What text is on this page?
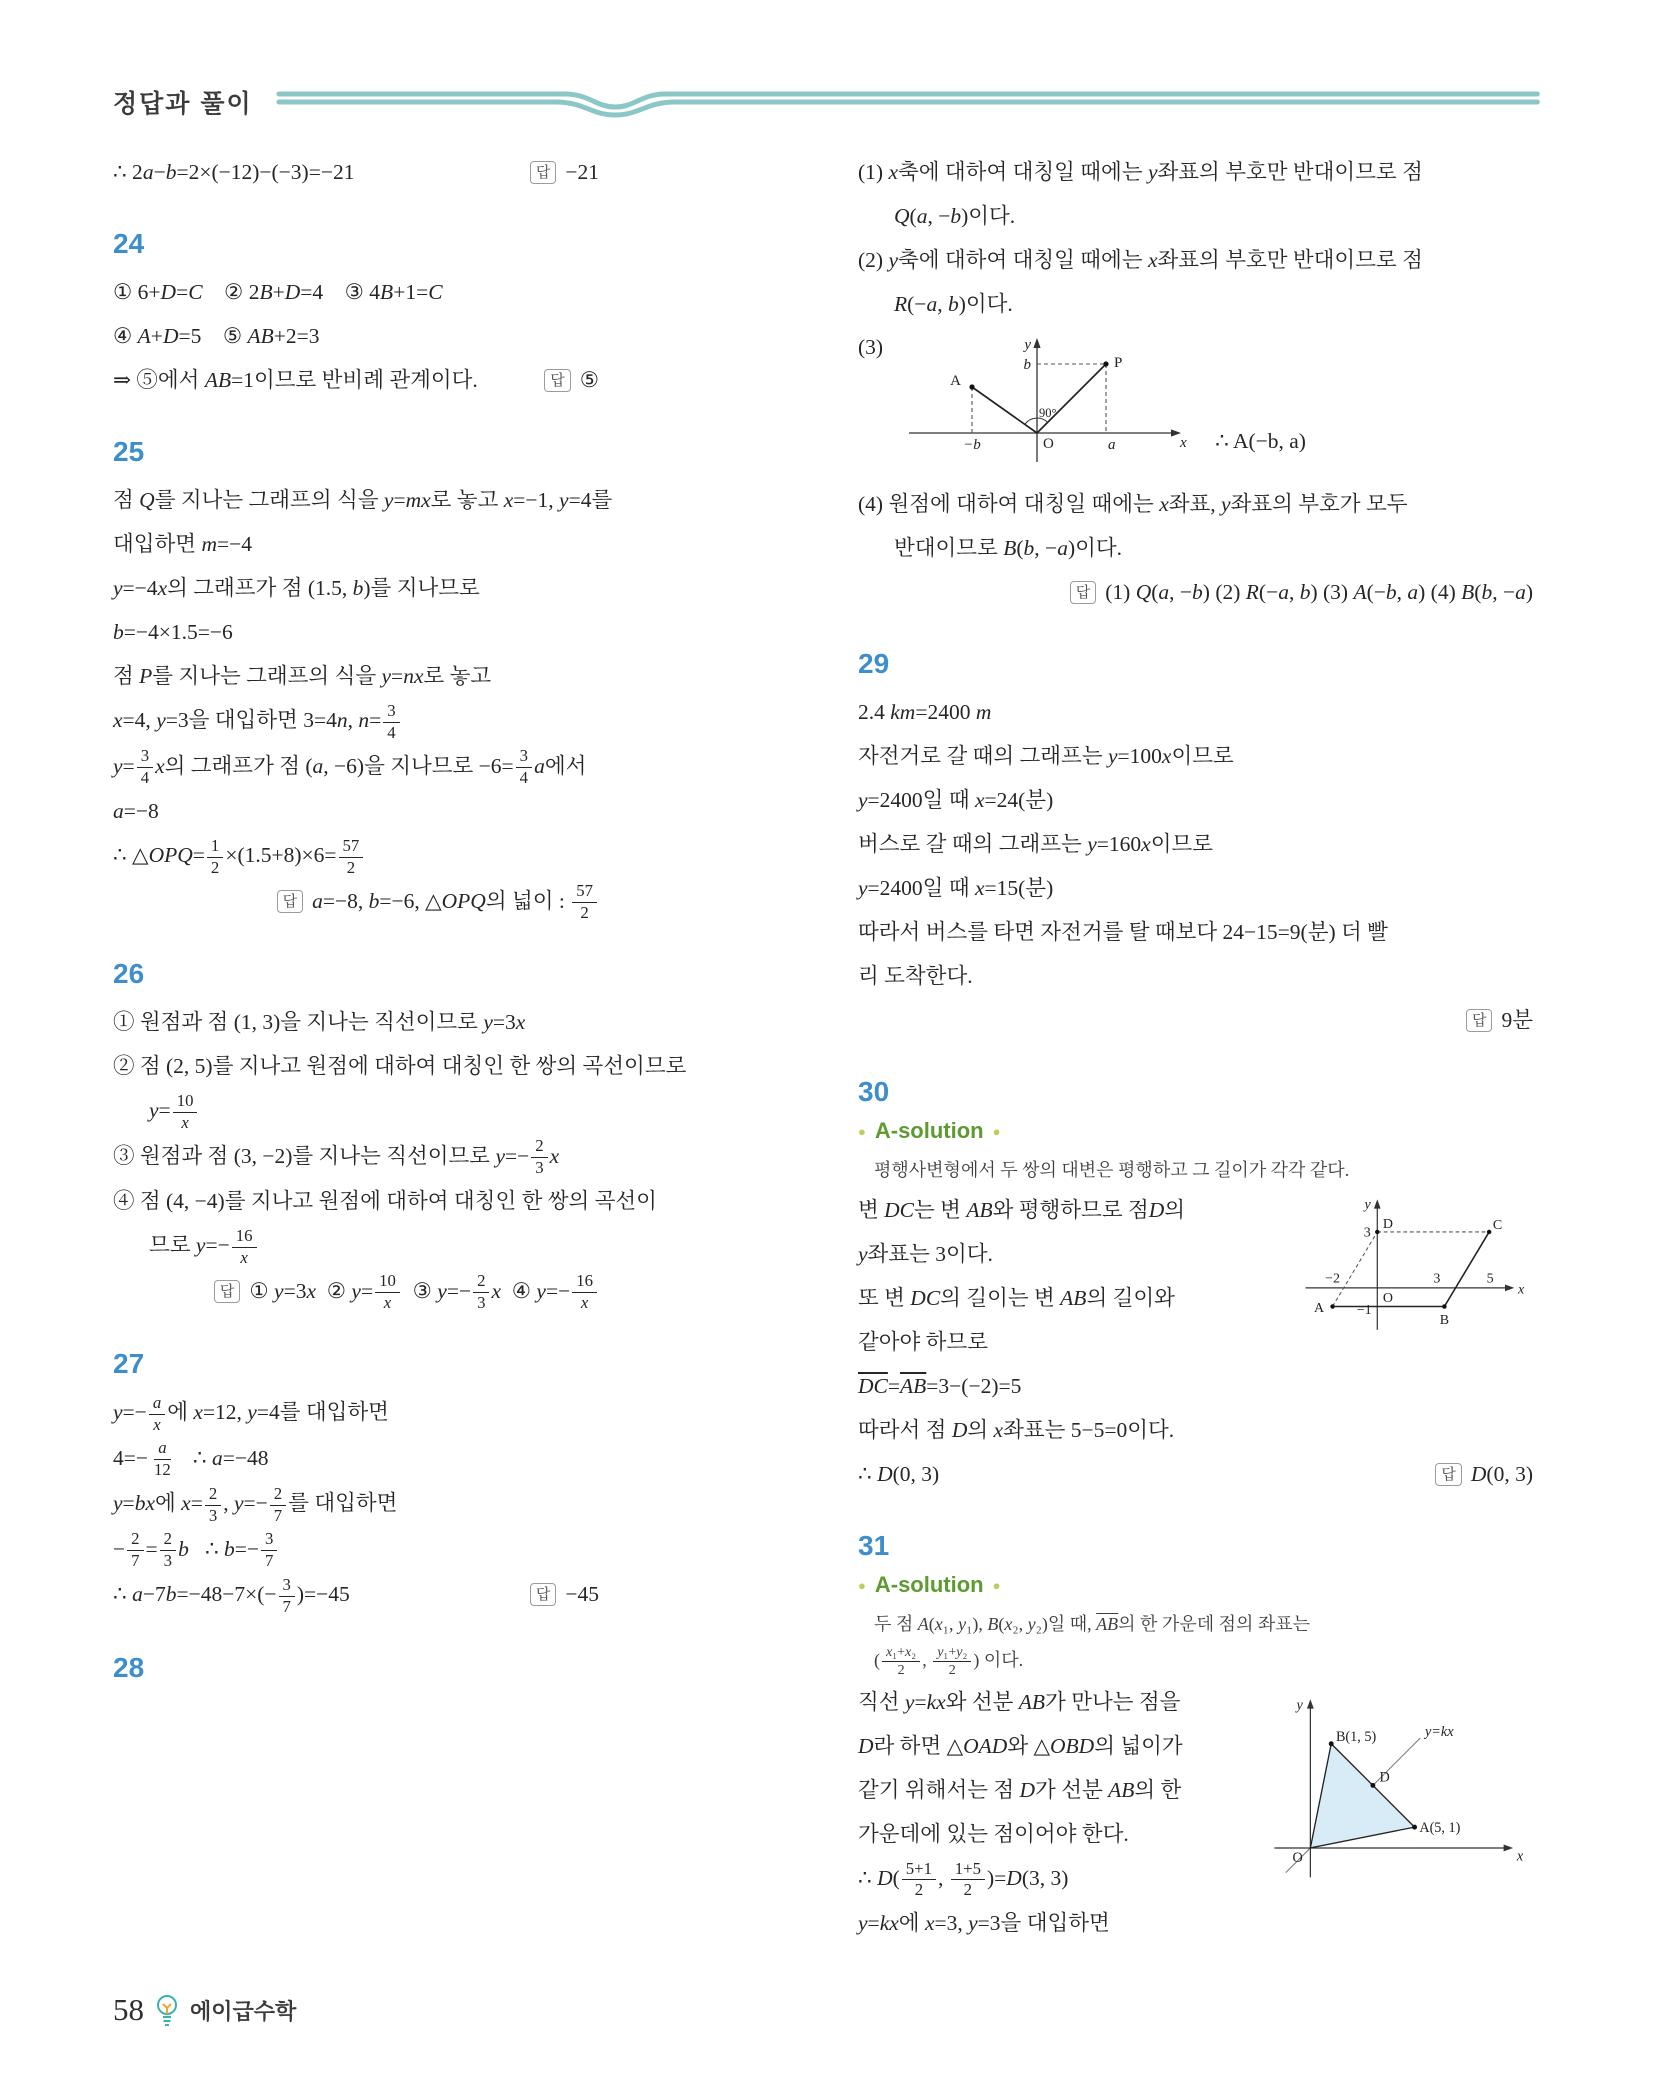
정답과 풀이
∴ 2a−b=2×(−12)−(−3)=−21	답 −21
24
① 6+D=C    ② 2B+D=4    ③ 4B+1=C
④ A+D=5    ⑤ AB+2=3
⇒ ⑤에서 AB=1이므로 반비례 관계이다.	답 ⑤
25
점 Q를 지나는 그래프의 식을 y=mx로 놓고 x=−1, y=4를
대입하면 m=−4
y=−4x의 그래프가 점 (1.5, b)를 지나므로
b=−4×1.5=−6
점 P를 지나는 그래프의 식을 y=nx로 놓고
x=4, y=3을 대입하면 3=4n, $n= \frac{3}{4}$
$y= \frac{3}{4}$ x의 그래프가 점 (a, −6)을 지나므로 $-6= \frac{3}{4}$ a에서
a=−8
∴ △OPQ= $\frac{1}{2} \times(1.5+8)\times 6= \frac{57}{2}$
답 a=−8, b=−6, △OPQ의 넓이 : $\frac{57}{2}$
26
① 원점과 점 (1, 3)을 지나는 직선이므로 y=3x
② 점 (2, 5)를 지나고 원점에 대하여 대칭인 한 쌍의 곡선이므로
$y= \frac{10}{x}$
③ 원점과 점 (3, −2)를 지나는 직선이므로 $y=- \frac{2}{3}$ x
④ 점 (4, −4)를 지나고 원점에 대하여 대칭인 한 쌍의 곡선이
므로 $y=- \frac{16}{x}$
답 ① y=3x  ② $y= \frac{10}{x}$ ③ $y=- \frac{2}{3}$ x  ④ $y=- \frac{16}{x}$
27
$y=- \frac{a}{x}$ 에 x=12, y=4를 대입하면
$4=- \frac{a}{12}$ ∴ a=−48
y=bx에 $x= \frac{2}{3}$ , $y=- \frac{2}{7}$ 를 대입하면
− $\frac{2}{7} = \frac{2}{3}$ b   ∴ $b=- \frac{3}{7}$
∴ $a-7b=-48-7\times(- \frac{3}{7} )=-45$	답 −45
28
(1) x축에 대하여 대칭일 때에는 y좌표의 부호만 반대이므로 점
Q(a, −b)이다.
(2) y축에 대하여 대칭일 때에는 x좌표의 부호만 반대이므로 점
R(−a, b)이다.
(3)	y
x
O
P
b
a
−b
A
90°
∴ A(−b, a)
(4) 원점에 대하여 대칭일 때에는 x좌표, y좌표의 부호가 모두
반대이므로 B(b, −a)이다.
답 (1) Q(a, −b) (2) R(−a, b) (3) A(−b, a) (4) B(b, −a)
29
2.4 km=2400 m
자전거로 갈 때의 그래프는 y=100x이므로
y=2400일 때 x=24(분)
버스로 갈 때의 그래프는 y=160x이므로
y=2400일 때 x=15(분)
따라서 버스를 타면 자전거를 탈 때보다 24−15=9(분) 더 빨
리 도착한다.
답 9분
30
● A-solution ●
평행사변형에서 두 쌍의 대변은 평행하고 그 길이가 각각 같다.
y
3
D	C
−2
A
O
−1
B
3	5
x
변 DC는 변 AB와 평행하므로 점D의
y좌표는 3이다.
또 변 DC의 길이는 변 AB의 길이와
같아야 하므로
$\overline{DC}=\overline{AB}=3-(-2)=5$
따라서 점 D의 x좌표는 5−5=0이다.
∴ D(0, 3)	답 D(0, 3)
31
● A-solution ●
두 점 A(x₁, y₁), B(x₂, y₂)일 때, $\overline{AB}$의 한 가운데 점의 좌표는
( $\frac{\text{x₁+x₂}}{2}$ , $\frac{\text{y₁+y₂}}{2}$ ) 이다.
y
x
y=kx
B(1, 5)
D
A(5, 1)
O
직선 y=kx와 선분 AB가 만나는 점을
D라 하면 △OAD와 △OBD의 넓이가
같기 위해서는 점 D가 선분 AB의 한
가운데에 있는 점이어야 한다.
∴ $D( \frac{5+1}{2}$ , $\frac{1+5}{2} )=D(3$, 3)
y=kx에 x=3, y=3을 대입하면
58 에이급수학
